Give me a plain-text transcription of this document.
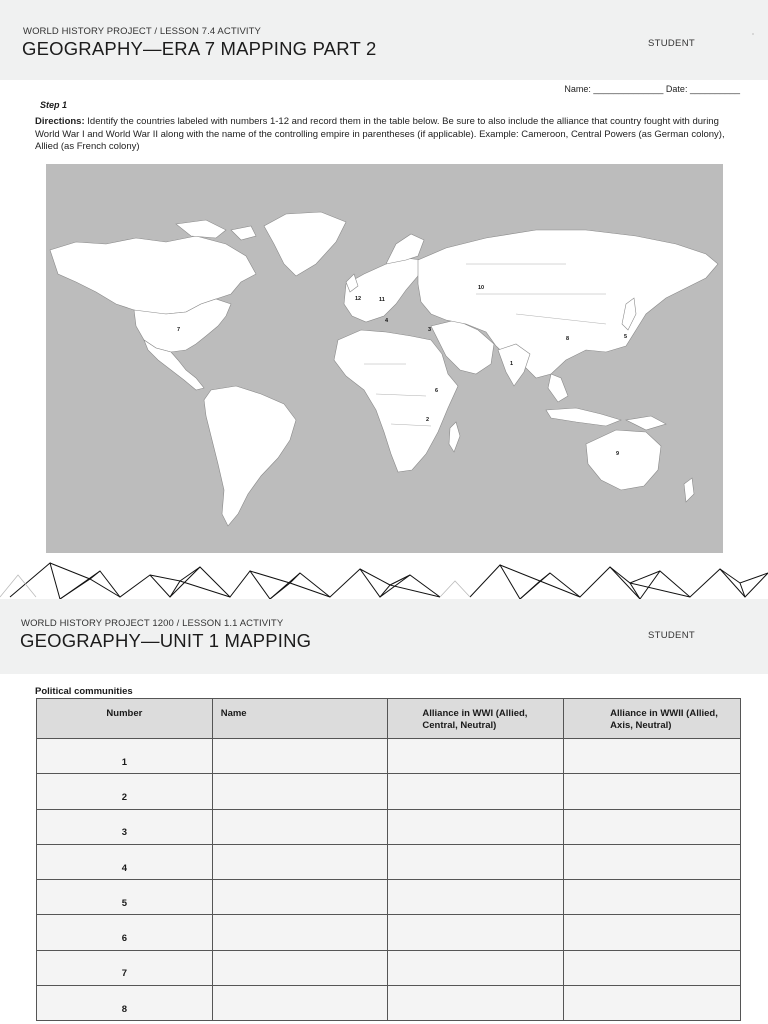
WORLD HISTORY PROJECT / LESSON 7.4 ACTIVITY
GEOGRAPHY—ERA 7 MAPPING PART 2	STUDENT
Name: ______________ Date: __________
Step 1
Directions: Identify the countries labeled with numbers 1-12 and record them in the table below. Be sure to also include the alliance that country fought with during World War I and World War II along with the name of the controlling empire in parentheses (if applicable). Example: Cameroon, Central Powers (as German colony), Allied (as French colony)
10
12	11
4
3
7
8	5
1
6
2
9
WORLD HISTORY PROJECT 1200 / LESSON 1.1 ACTIVITY
GEOGRAPHY—UNIT 1 MAPPING	STUDENT
Political communities
Number	Name	Alliance in WWI (Allied, Central, Neutral)	Alliance in WWII (Allied, Axis, Neutral)
1			
2			
3			
4			
5			
6			
7			
8			
